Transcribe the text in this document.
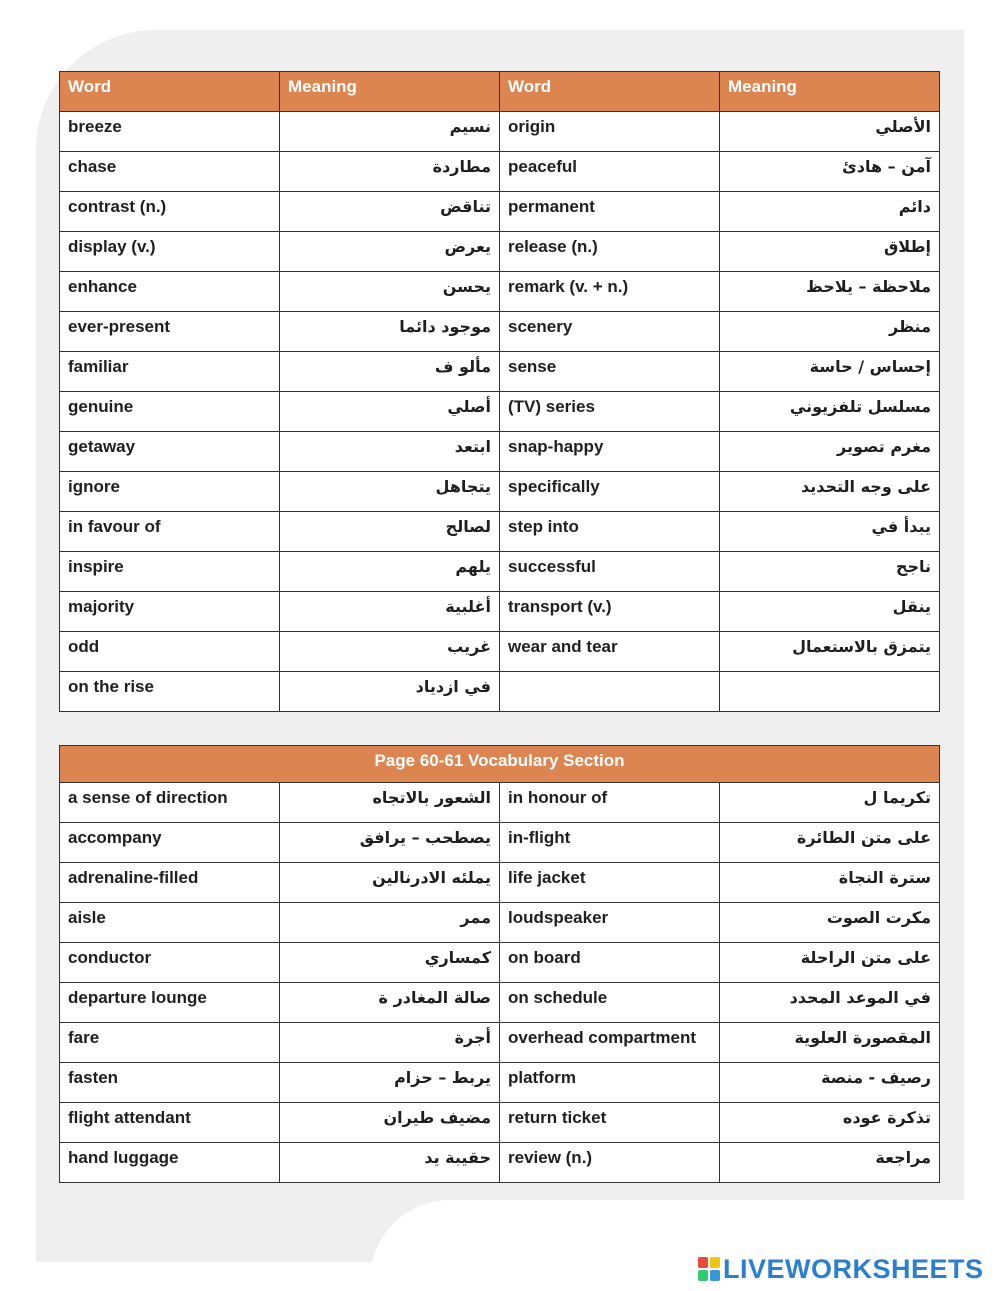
Word	Meaning	Word	Meaning
breeze	نسيم	origin	الأصلي
chase	مطاردة	peaceful	آمن – هادئ
contrast (n.)	تناقض	permanent	دائم
display (v.)	يعرض	release (n.)	إطلاق
enhance	يحسن	remark (v. + n.)	ملاحظة – يلاحظ
ever-present	موجود دائما	scenery	منظر
familiar	مألو ف	sense	إحساس / حاسة
genuine	أصلي	(TV) series	مسلسل تلفزيوني
getaway	ابتعد	snap-happy	مغرم تصوير
ignore	يتجاهل	specifically	على وجه التحديد
in favour of	لصالح	step into	يبدأ في
inspire	يلهم	successful	ناجح
majority	أغلبية	transport (v.)	ينقل
odd	غريب	wear and tear	يتمزق بالاستعمال
on the rise	في ازدياد		
Page 60-61 Vocabulary Section			
a sense of direction	الشعور بالاتجاه	in honour of	تكريما ل
accompany	يصطحب – يرافق	in-flight	على متن الطائرة
adrenaline-filled	يملئه الادرنالين	life jacket	سترة النجاة
aisle	ممر	loudspeaker	مكرت الصوت
conductor	كمساري	on board	على متن الراحلة
departure lounge	صالة المغادر ة	on schedule	في الموعد المحدد
fare	أجرة	overhead compartment	المقصورة العلوية
fasten	يربط – حزام	platform	رصيف - منصة
flight attendant	مضيف طيران	return ticket	تذكرة عوده
hand luggage	حقيبة يد	review (n.)	مراجعة
LIVEWORKSHEETS
